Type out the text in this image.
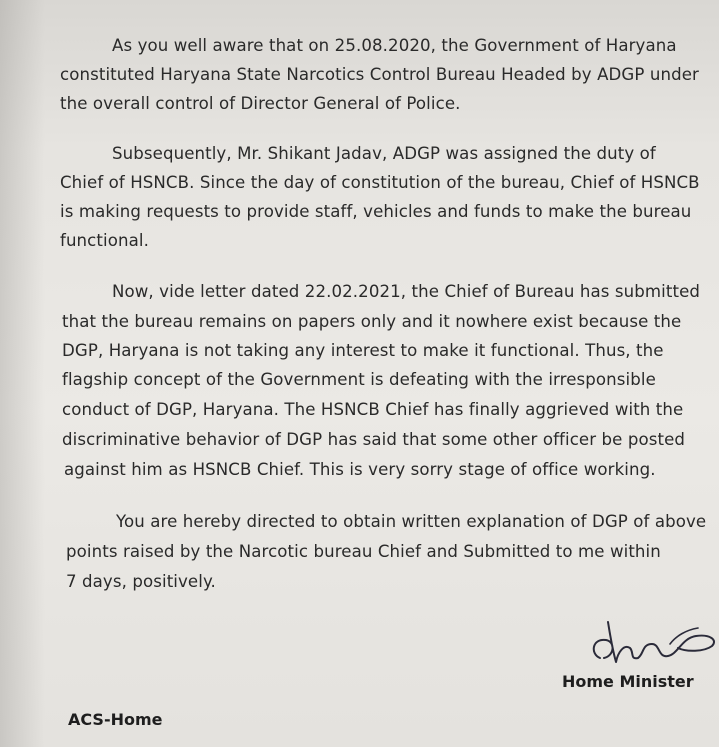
As you well aware that on 25.08.2020, the Government of Haryana

constituted Haryana State Narcotics Control Bureau Headed by ADGP under

the overall control of Director General of Police.

Subsequently, Mr. Shikant Jadav, ADGP was assigned the duty of

Chief of HSNCB. Since the day of constitution of the bureau, Chief of HSNCB

is making requests to provide staff, vehicles and funds to make the bureau

functional.

Now, vide letter dated 22.02.2021, the Chief of Bureau has submitted

that the bureau remains on papers only and it nowhere exist because the

DGP, Haryana is not taking any interest to make it functional. Thus, the

flagship concept of the Government is defeating with the irresponsible

conduct of DGP, Haryana. The HSNCB Chief has finally aggrieved with the

discriminative behavior of DGP has said that some other officer be posted

against him as HSNCB Chief. This is very sorry stage of office working.

You are hereby directed to obtain written explanation of DGP of above

points raised by the Narcotic bureau Chief and Submitted to me within

7 days, positively.

Home Minister
ACS-Home
